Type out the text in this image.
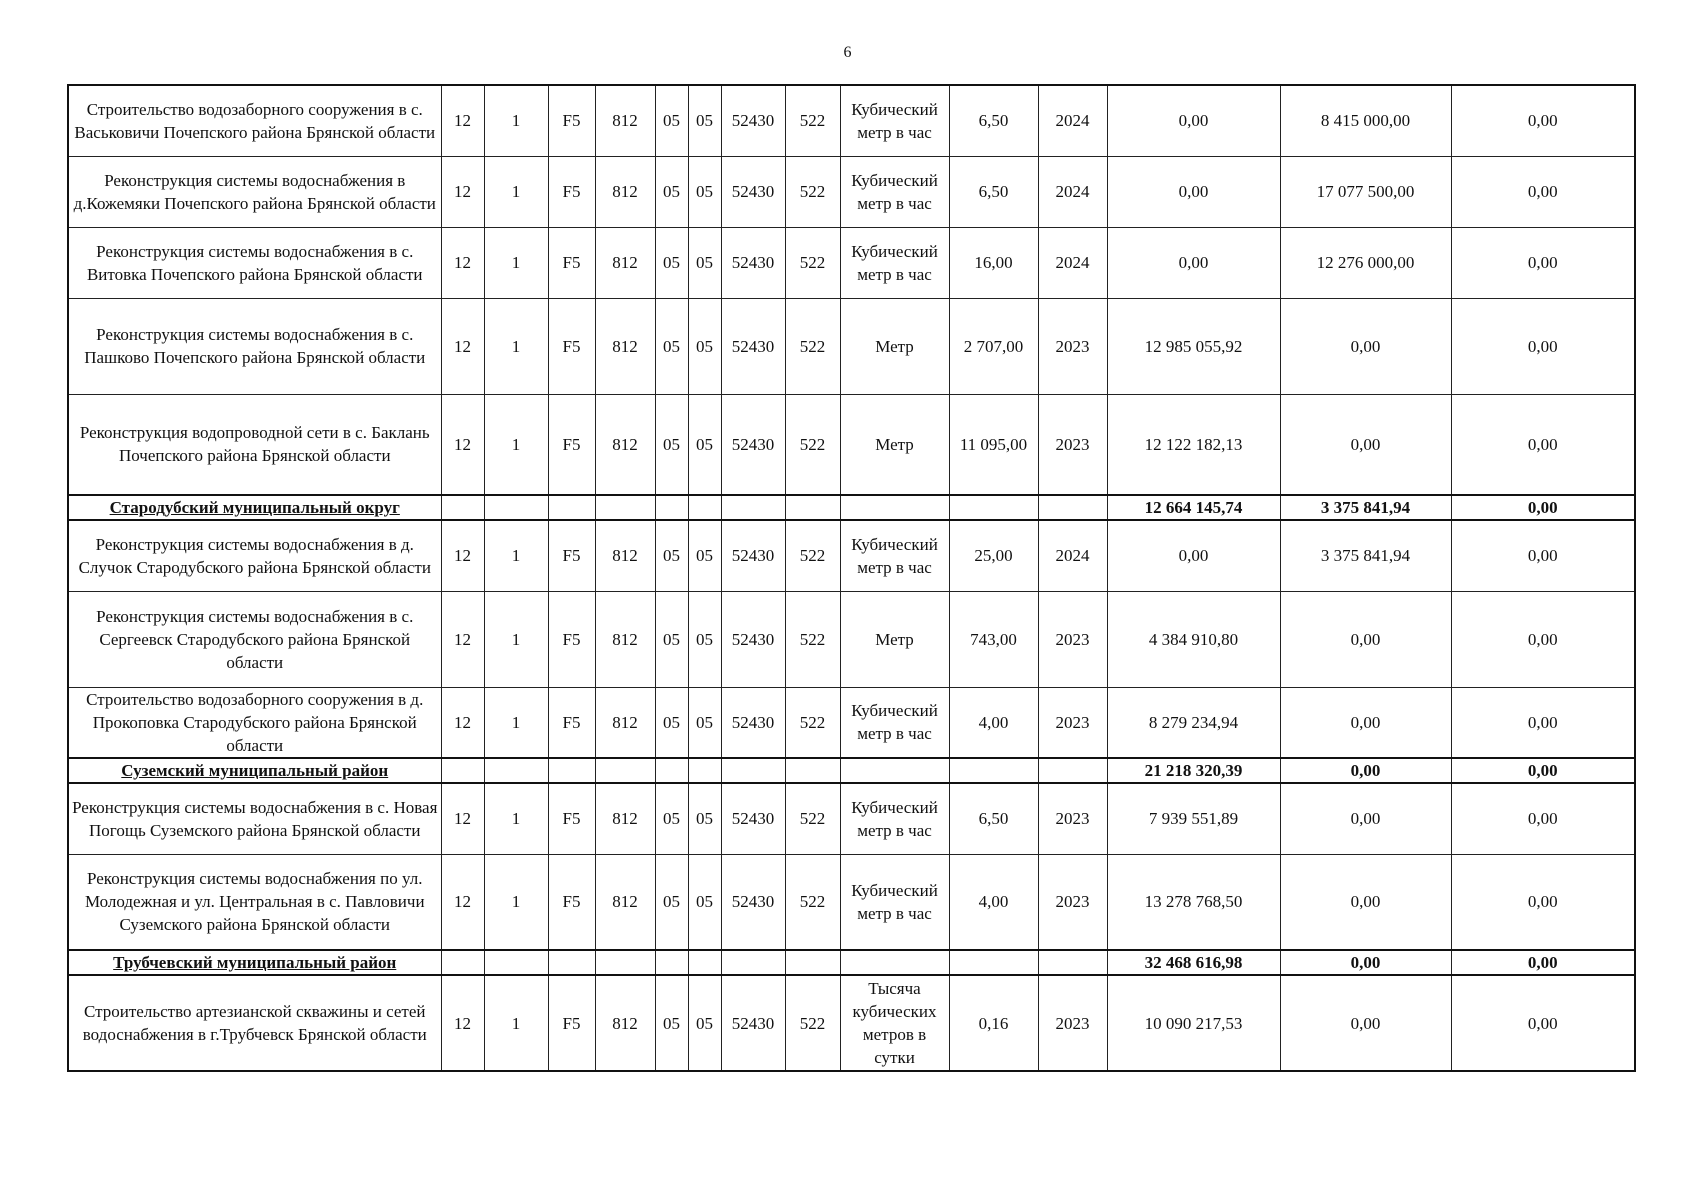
6
Строительство водозаборного сооружения в с. Васьковичи Почепского района Брянской области	12	1	F5	812	05	05	52430	522	Кубический метр в час	6,50	2024	0,00	8 415 000,00	0,00
Реконструкция системы водоснабжения в д.Кожемяки Почепского района Брянской области	12	1	F5	812	05	05	52430	522	Кубический метр в час	6,50	2024	0,00	17 077 500,00	0,00
Реконструкция системы водоснабжения в с. Витовка Почепского района Брянской области	12	1	F5	812	05	05	52430	522	Кубический метр в час	16,00	2024	0,00	12 276 000,00	0,00
Реконструкция системы водоснабжения в с. Пашково Почепского района Брянской области	12	1	F5	812	05	05	52430	522	Метр	2 707,00	2023	12 985 055,92	0,00	0,00
Реконструкция водопроводной сети в с. Баклань Почепского района Брянской области	12	1	F5	812	05	05	52430	522	Метр	11 095,00	2023	12 122 182,13	0,00	0,00
Стародубский муниципальный округ												12 664 145,74	3 375 841,94	0,00
Реконструкция системы водоснабжения в д. Случок Стародубского района Брянской области	12	1	F5	812	05	05	52430	522	Кубический метр в час	25,00	2024	0,00	3 375 841,94	0,00
Реконструкция системы водоснабжения в с. Сергеевск Стародубского района Брянской области	12	1	F5	812	05	05	52430	522	Метр	743,00	2023	4 384 910,80	0,00	0,00
Строительство водозаборного сооружения в д. Прокоповка Стародубского района Брянской области	12	1	F5	812	05	05	52430	522	Кубический метр в час	4,00	2023	8 279 234,94	0,00	0,00
Суземский муниципальный район												21 218 320,39	0,00	0,00
Реконструкция системы водоснабжения в с. Новая Погощь Суземского района Брянской области	12	1	F5	812	05	05	52430	522	Кубический метр в час	6,50	2023	7 939 551,89	0,00	0,00
Реконструкция системы водоснабжения по ул. Молодежная и ул. Центральная в с. Павловичи Суземского района Брянской области	12	1	F5	812	05	05	52430	522	Кубический метр в час	4,00	2023	13 278 768,50	0,00	0,00
Трубчевский муниципальный район												32 468 616,98	0,00	0,00
Строительство артезианской скважины и сетей водоснабжения в г.Трубчевск Брянской области	12	1	F5	812	05	05	52430	522	Тысяча кубических метров в сутки	0,16	2023	10 090 217,53	0,00	0,00
